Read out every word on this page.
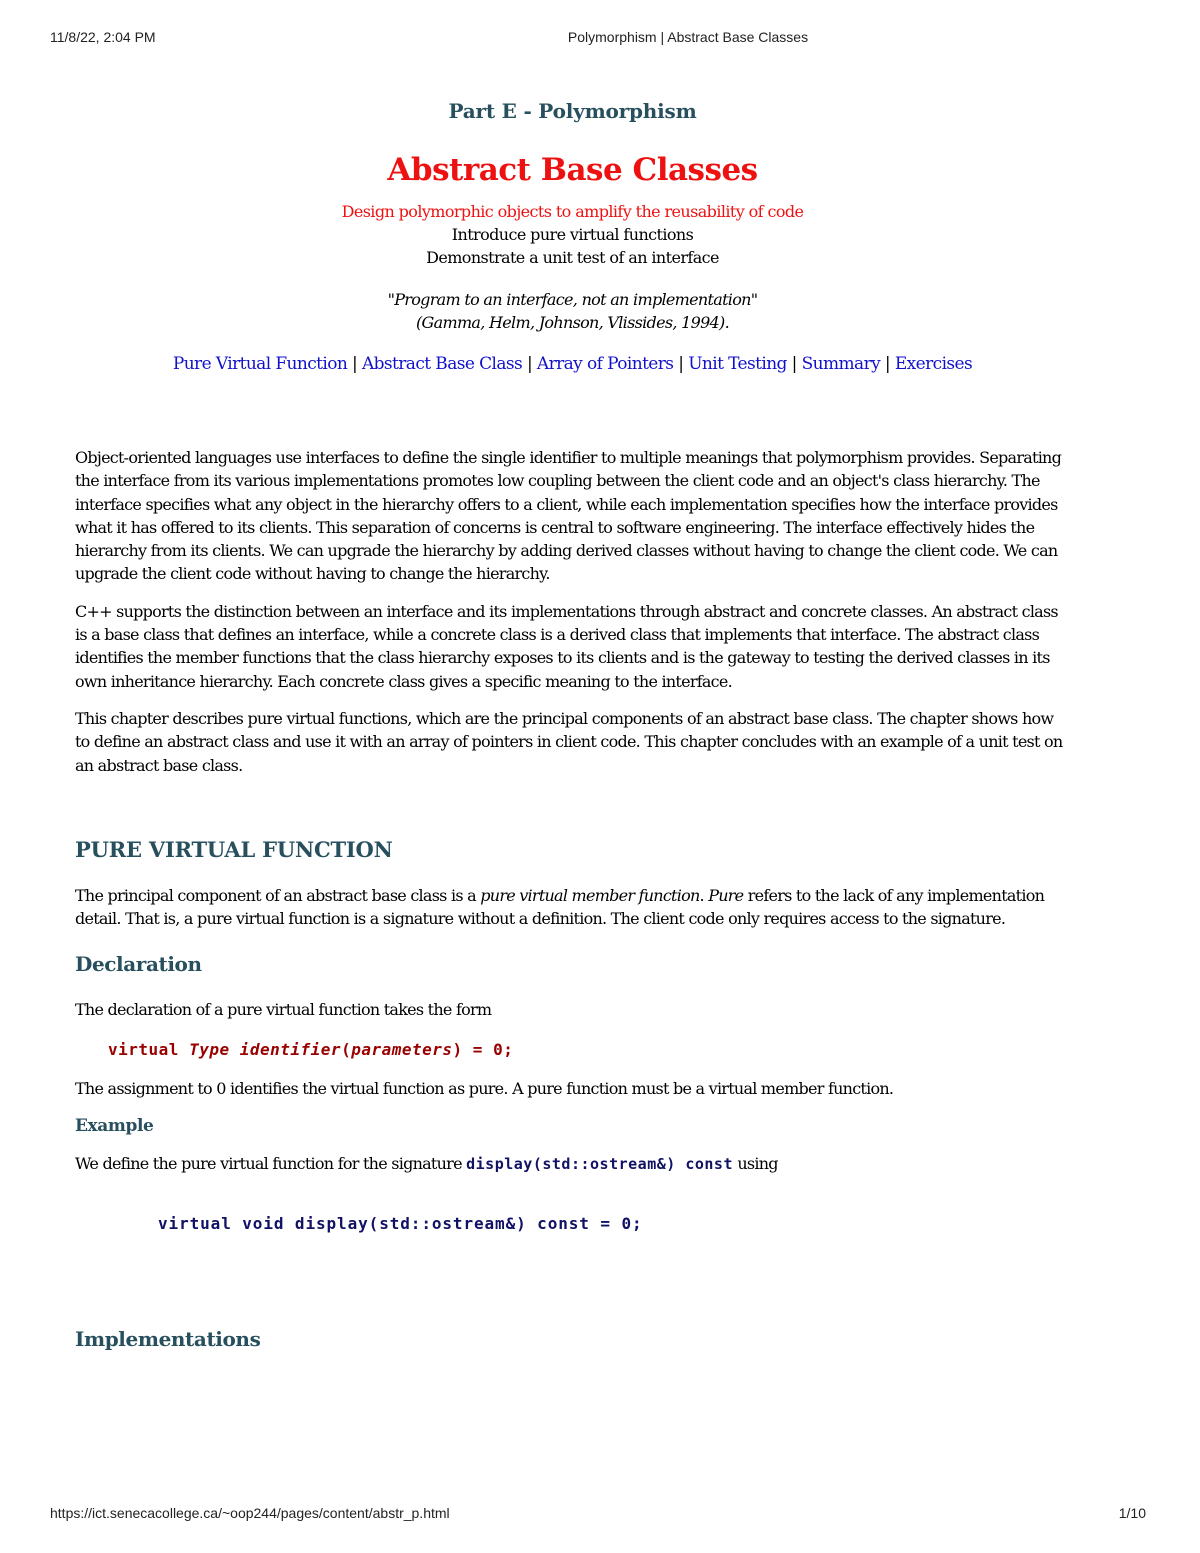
11/8/22, 2:04 PM	Polymorphism | Abstract Base Classes
Part E - Polymorphism
Abstract Base Classes
Design polymorphic objects to amplify the reusability of code
Introduce pure virtual functions
Demonstrate a unit test of an interface
"Program to an interface, not an implementation"
(Gamma, Helm, Johnson, Vlissides, 1994).
Pure Virtual Function | Abstract Base Class | Array of Pointers | Unit Testing | Summary | Exercises

Object-oriented languages use interfaces to define the single identifier to multiple meanings that polymorphism provides. Separating the interface from its various implementations promotes low coupling between the client code and an object's class hierarchy. The interface specifies what any object in the hierarchy offers to a client, while each implementation specifies how the interface provides what it has offered to its clients. This separation of concerns is central to software engineering. The interface effectively hides the hierarchy from its clients. We can upgrade the hierarchy by adding derived classes without having to change the client code. We can upgrade the client code without having to change the hierarchy.

C++ supports the distinction between an interface and its implementations through abstract and concrete classes. An abstract class is a base class that defines an interface, while a concrete class is a derived class that implements that interface. The abstract class identifies the member functions that the class hierarchy exposes to its clients and is the gateway to testing the derived classes in its own inheritance hierarchy. Each concrete class gives a specific meaning to the interface.

This chapter describes pure virtual functions, which are the principal components of an abstract base class. The chapter shows how to define an abstract class and use it with an array of pointers in client code. This chapter concludes with an example of a unit test on an abstract base class.

PURE VIRTUAL FUNCTION

The principal component of an abstract base class is a pure virtual member function. Pure refers to the lack of any implementation detail. That is, a pure virtual function is a signature without a definition. The client code only requires access to the signature.

Declaration

The declaration of a pure virtual function takes the form

virtual Type identifier(parameters) = 0;

The assignment to 0 identifies the virtual function as pure. A pure function must be a virtual member function.

Example

We define the pure virtual function for the signature display(std::ostream&) const using

virtual void display(std::ostream&) const = 0;
Implementations
https://ict.senecacollege.ca/~oop244/pages/content/abstr_p.html	1/10
